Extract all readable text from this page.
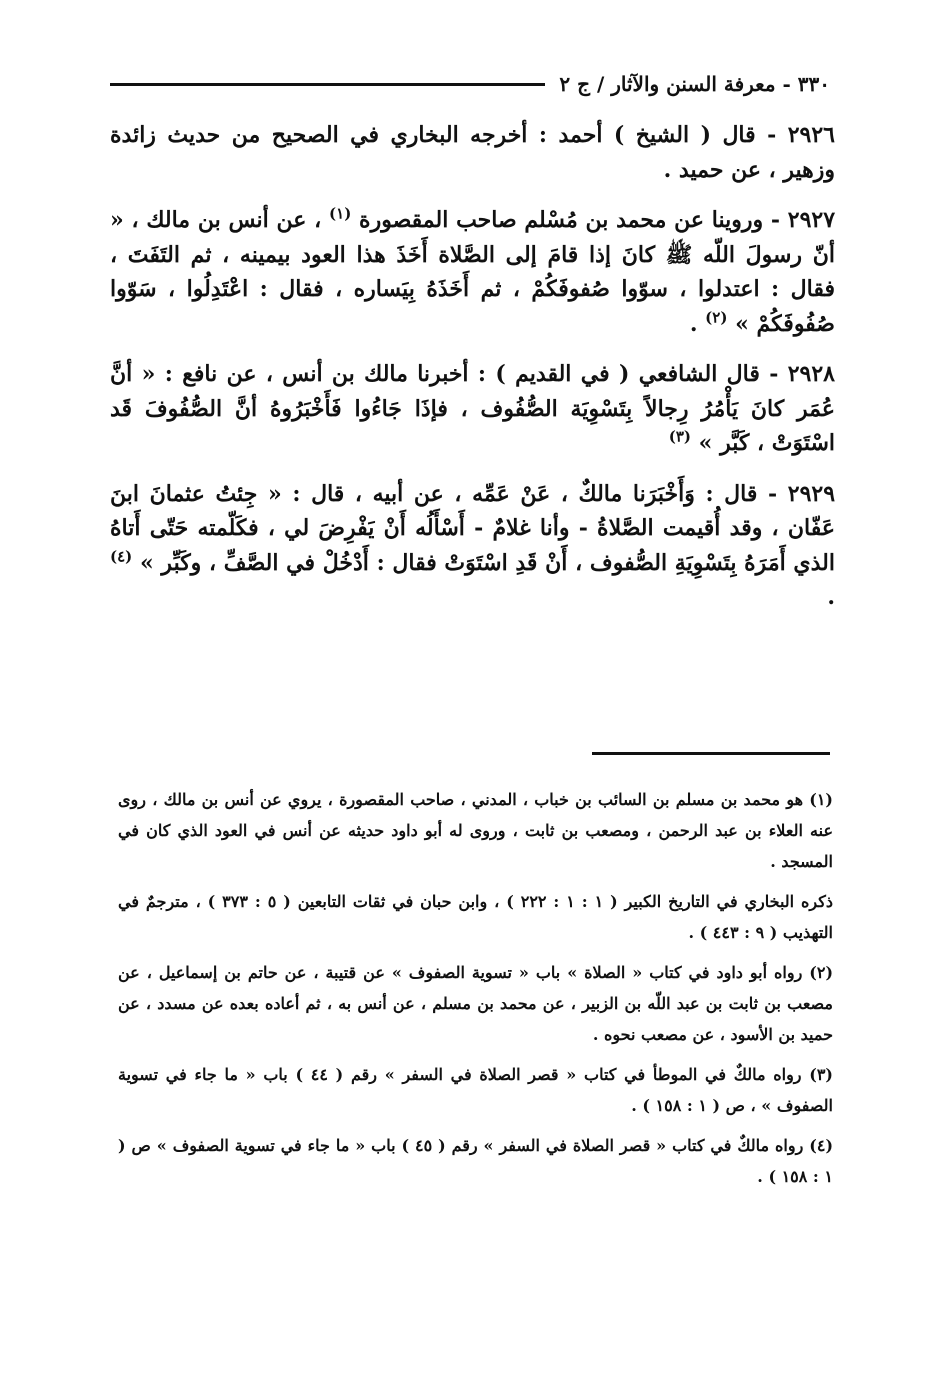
٣٣٠ - معرفة السنن والآثار / ج ٢

٢٩٢٦ - قال ( الشيخ ) أحمد : أخرجه البخاري في الصحيح من حديث زائدة وزهير ، عن حميد .

٢٩٢٧ - وروينا عن محمد بن مُسْلم صاحب المقصورة $^{(١)}$ ، عن أنس بن مالك ، « أنّ رسولَ اللّه ﷺ كانَ إذا قامَ إلى الصَّلاة أَخَذَ هذا العود بيمينه ، ثم التَفَتَ ، فقال : اعتدلوا ، سوّوا صُفوفَكُمْ ، ثم أَخَذَهُ بِيَساره ، فقال : اعْتَدِلُوا ، سَوّوا صُفُوفَكُمْ » $^{(٢)}$ .

٢٩٢٨ - قال الشافعي ( في القديم ) : أخبرنا مالك بن أنس ، عن نافع : « أنَّ عُمَر كانَ يَأْمُرُ رِجالاً بِتَسْوِيَة الصُّفُوف ، فإذَا جَاءُوا فَأَخْبَرُوهُ أنَّ الصُّفُوفَ قَد اسْتَوَتْ ، كَبَّر » $^{(٣)}$

٢٩٢٩ - قال : وَأَخْبَرَنا مالكٌ ، عَنْ عَمِّه ، عن أبيه ، قال : « جِئتُ عثمانَ ابنَ عَفّان ، وقد أُقيمت الصَّلاةُ - وأنا غلامٌ - أَسْأَلُه أَنْ يَفْرِضَ لي ، فكَلّمته حَتّى أَتاهُ الذي أَمَرَهُ بِتَسْوِيَةِ الصُّفوف ، أَنْ قَدِ اسْتَوَتْ فقال : أَدْخُلْ في الصَّفِّ ، وكَبِّر » $^{(٤)}$ .

(١) هو محمد بن مسلم بن السائب بن خباب ، المدني ، صاحب المقصورة ، يروي عن أنس بن مالك ، روى عنه العلاء بن عبد الرحمن ، ومصعب بن ثابت ، وروى له أبو داود حديثه عن أنس في العود الذي كان في المسجد .

ذكره البخاري في التاريخ الكبير ( ١ : ١ : ٢٢٢ ) ، وابن حبان في ثقات التابعين ( ٥ : ٣٧٣ ) ، مترجمٌ في التهذيب ( ٩ : ٤٤٣ ) .

(٢) رواه أبو داود في كتاب « الصلاة » باب « تسوية الصفوف » عن قتيبة ، عن حاتم بن إسماعيل ، عن مصعب بن ثابت بن عبد اللّه بن الزبير ، عن محمد بن مسلم ، عن أنس به ، ثم أعاده بعده عن مسدد ، عن حميد بن الأسود ، عن مصعب نحوه .

(٣) رواه مالكٌ في الموطأ في كتاب « قصر الصلاة في السفر » رقم ( ٤٤ ) باب « ما جاء في تسوية الصفوف » ، ص ( ١ : ١٥٨ ) .

(٤) رواه مالكٌ في كتاب « قصر الصلاة في السفر » رقم ( ٤٥ ) باب « ما جاء في تسوية الصفوف » ص ( ١ : ١٥٨ ) .
